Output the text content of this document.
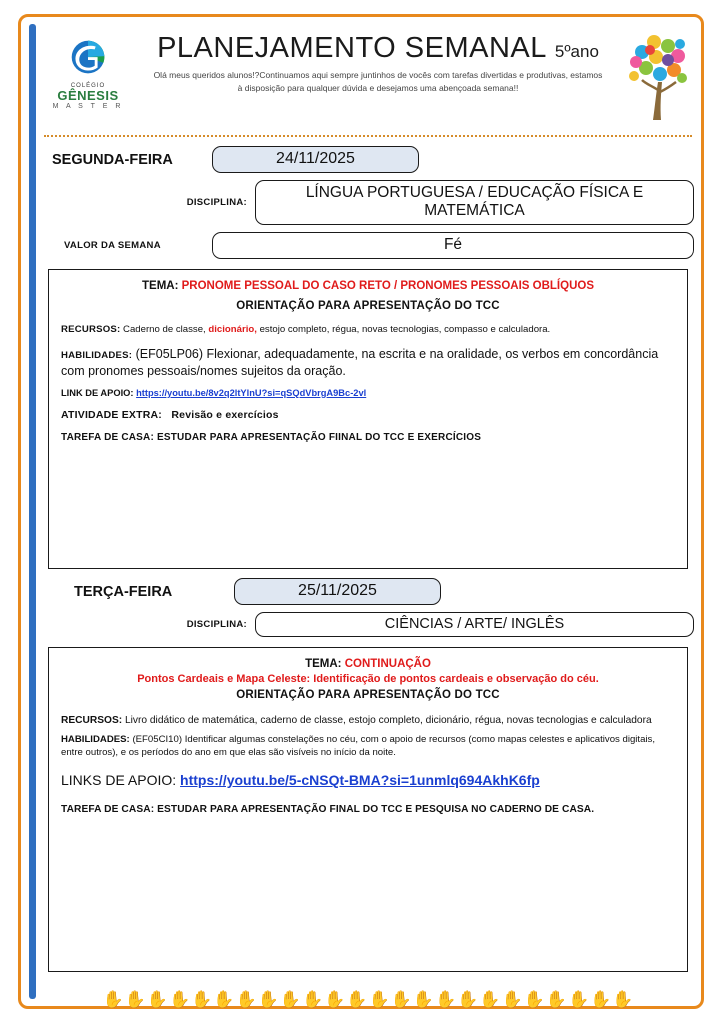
COLÉGIO
GÊNESIS
M A S T E R
PLANEJAMENTO SEMANAL 5ºano
Olá meus queridos alunos!?Continuamos aqui sempre juntinhos de vocês com tarefas divertidas e produtivas, estamos à disposição para qualquer dúvida e desejamos uma abençoada semana!!
SEGUNDA-FEIRA	24/11/2025
DISCIPLINA:
LÍNGUA PORTUGUESA / EDUCAÇÃO FÍSICA E MATEMÁTICA
VALOR DA SEMANA	Fé
TEMA: PRONOME PESSOAL DO CASO RETO / PRONOMES PESSOAIS OBLÍQUOS
ORIENTAÇÃO PARA APRESENTAÇÃO DO TCC
RECURSOS: Caderno de classe, dicionário, estojo completo, régua, novas tecnologias, compasso e calculadora.
HABILIDADES: (EF05LP06) Flexionar, adequadamente, na escrita e na oralidade, os verbos em concordância com pronomes pessoais/nomes sujeitos da oração.
LINK DE APOIO: https://youtu.be/8v2q2ltYlnU?si=qSQdVbrgA9Bc-2vl
ATIVIDADE EXTRA: Revisão e exercícios
TAREFA DE CASA: ESTUDAR PARA APRESENTAÇÃO FIINAL DO TCC E EXERCÍCIOS
TERÇA-FEIRA	25/11/2025
DISCIPLINA:	CIÊNCIAS / ARTE/ INGLÊS
TEMA: CONTINUAÇÃO
Pontos Cardeais e Mapa Celeste: Identificação de pontos cardeais e observação do céu.
ORIENTAÇÃO PARA APRESENTAÇÃO DO TCC
RECURSOS: Livro didático de matemática, caderno de classe, estojo completo, dicionário, régua, novas tecnologias e calculadora
HABILIDADES: (EF05CI10) Identificar algumas constelações no céu, com o apoio de recursos (como mapas celestes e aplicativos digitais, entre outros), e os períodos do ano em que elas são visíveis no início da noite.
LINKS DE APOIO: https://youtu.be/5-cNSQt-BMA?si=1unmlq694AkhK6fp
TAREFA DE CASA: ESTUDAR PARA APRESENTAÇÃO FINAL DO TCC E PESQUISA NO CADERNO DE CASA.
✋ ✋ ✋ ✋ ✋ ✋ ✋ ✋ ✋ ✋ ✋ ✋ ✋ ✋ ✋ ✋ ✋ ✋ ✋ ✋ ✋ ✋ ✋ ✋
